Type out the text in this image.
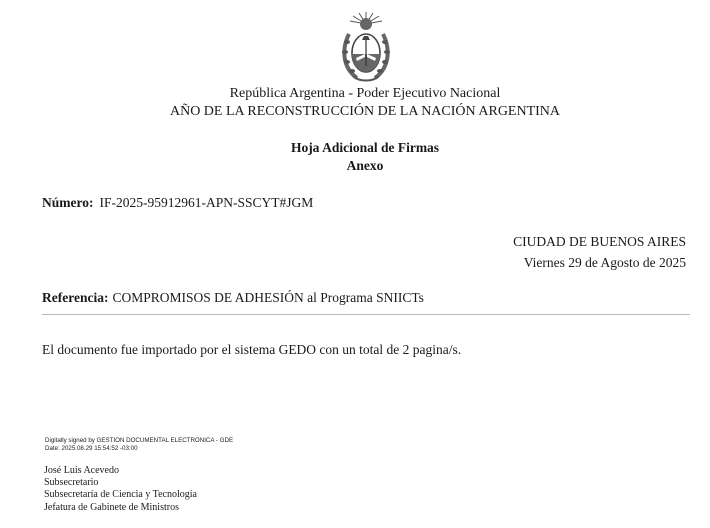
República Argentina - Poder Ejecutivo Nacional
AÑO DE LA RECONSTRUCCIÓN DE LA NACIÓN ARGENTINA
Hoja Adicional de Firmas
Anexo
Número: IF-2025-95912961-APN-SSCYT#JGM
CIUDAD DE BUENOS AIRES
Viernes 29 de Agosto de 2025
Referencia: COMPROMISOS DE ADHESIÓN al Programa SNIICTs
El documento fue importado por el sistema GEDO con un total de 2 pagina/s.
Digitally signed by GESTION DOCUMENTAL ELECTRONICA - GDE
Date: 2025.08.29 15:54:52 -03:00
José Luis Acevedo
Subsecretario
Subsecretaría de Ciencia y Tecnología
Jefatura de Gabinete de Ministros
